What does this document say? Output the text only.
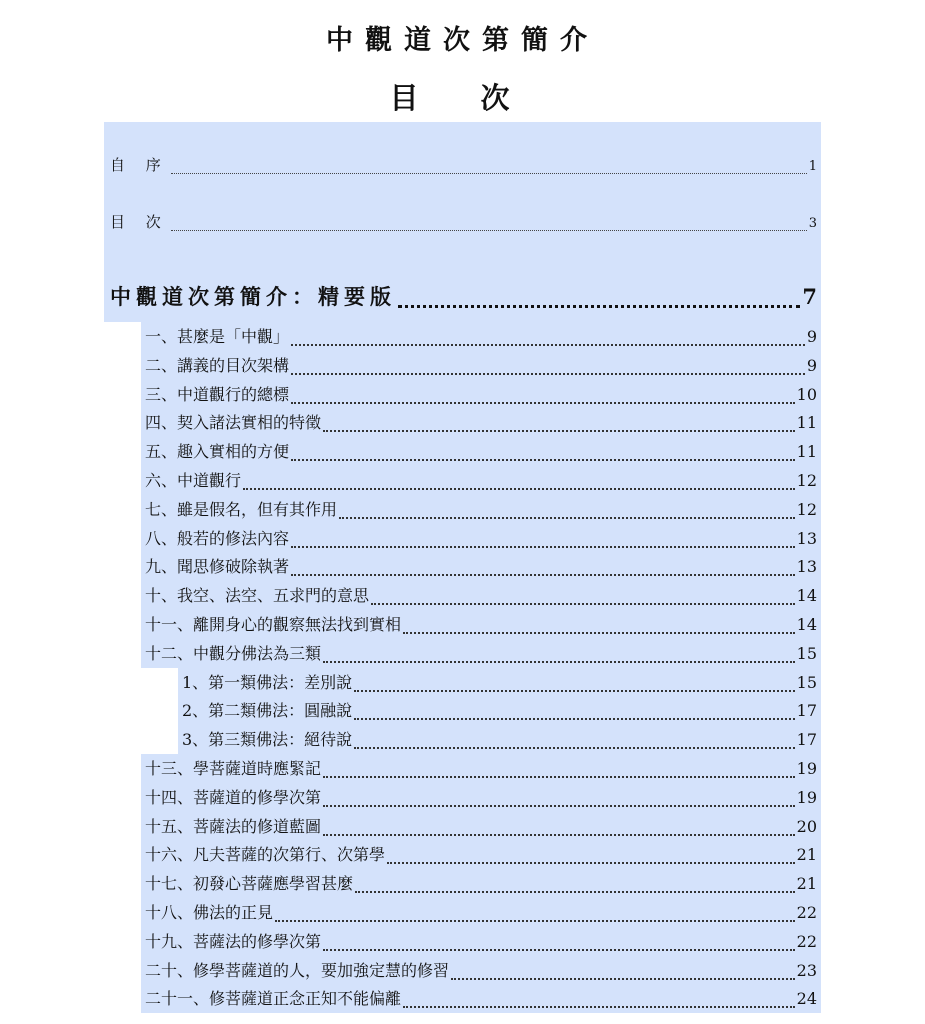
中觀道次第簡介
目 次
自 序	1
目 次	3
中觀道次第簡介：精要版	7
一、甚麼是「中觀」	9
二、講義的目次架構	9
三、中道觀行的總標	10
四、契入諸法實相的特徵	11
五、趣入實相的方便	11
六、中道觀行	12
七、雖是假名，但有其作用	12
八、般若的修法內容	13
九、聞思修破除執著	13
十、我空、法空、五求門的意思	14
十一、離開身心的觀察無法找到實相	14
十二、中觀分佛法為三類	15
1、第一類佛法：差別說	15
2、第二類佛法：圓融說	17
3、第三類佛法：絕待說	17
十三、學菩薩道時應緊記	19
十四、菩薩道的修學次第	19
十五、菩薩法的修道藍圖	20
十六、凡夫菩薩的次第行、次第學	21
十七、初發心菩薩應學習甚麼	21
十八、佛法的正見	22
十九、菩薩法的修學次第	22
二十、修學菩薩道的人，要加強定慧的修習	23
二十一、修菩薩道正念正知不能偏離	24
